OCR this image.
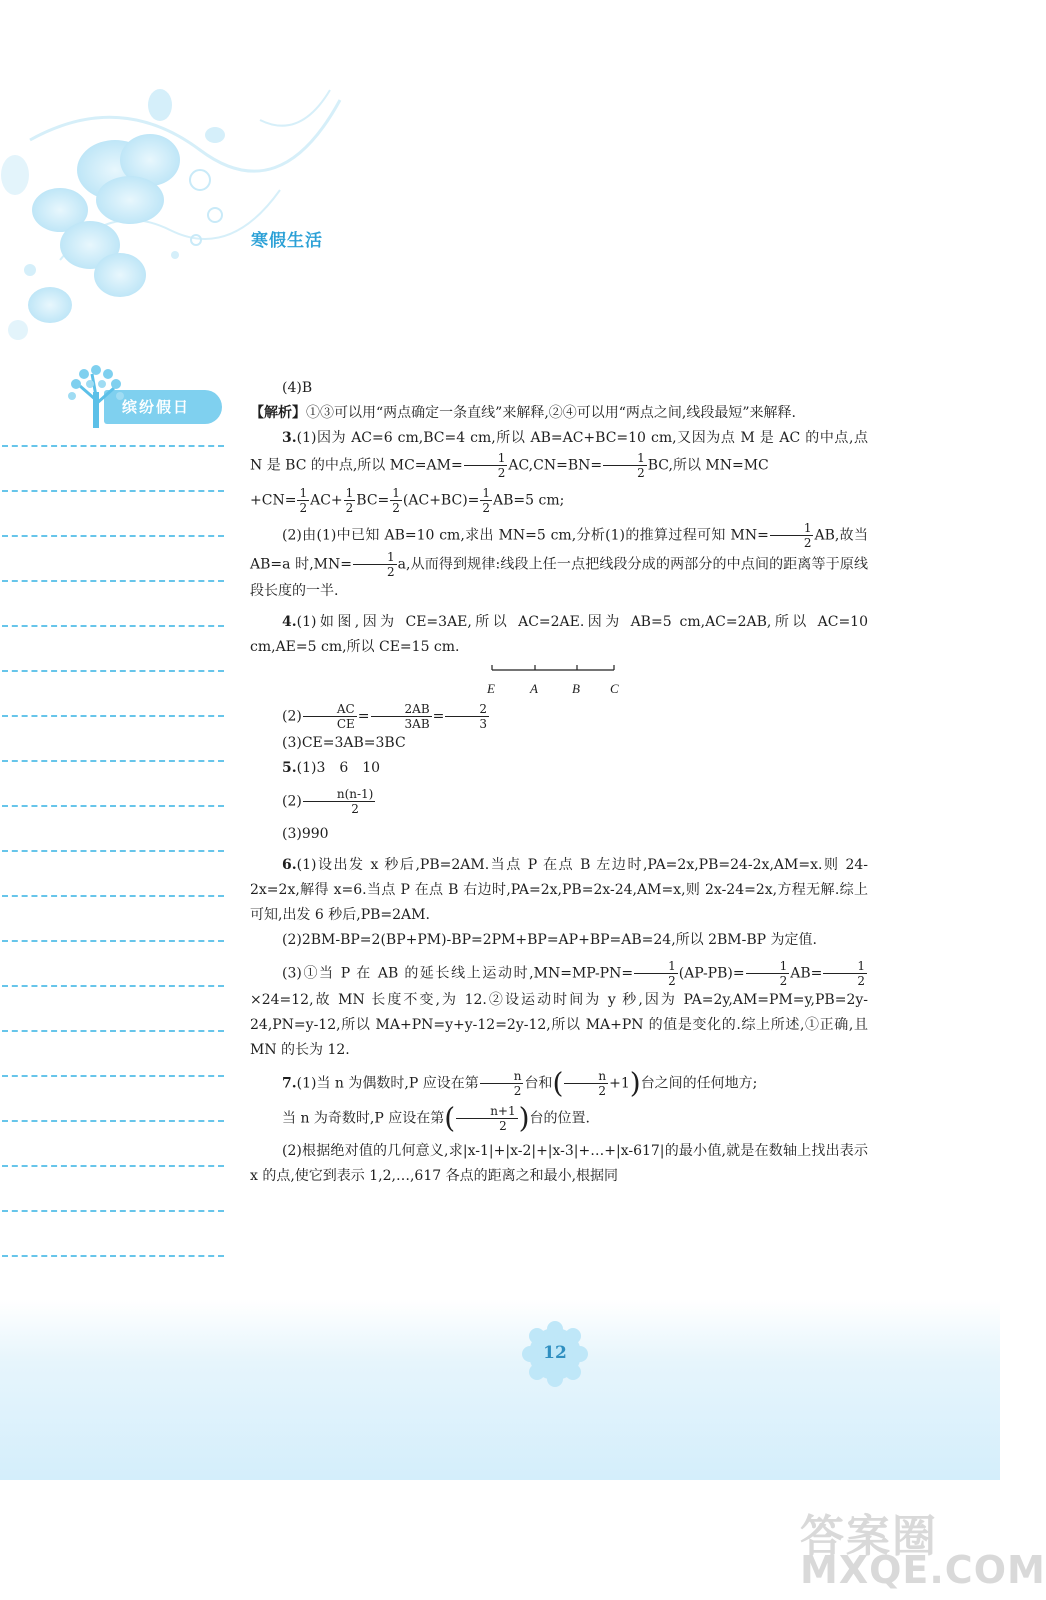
寒假生活
缤纷假日

(4)B

【解析】①③可以用“两点确定一条直线”来解释,②④可以用“两点之间,线段最短”来解释.

3.(1)因为 AC=6 cm,BC=4 cm,所以 AB=AC+BC=10 cm,又因为点 M 是 AC 的中点,点 N 是 BC 的中点,所以 $MC=AM= \frac{1}{2} AC,CN=BN= \frac{1}{2}$ BC,所以 MN=MC

$+CN= \frac{1}{2} AC+ \frac{1}{2} BC= \frac{1}{2} (AC+BC)= \frac{1}{2} AB=5$ cm;

(2)由(1)中已知 AB=10 cm,求出 MN=5 cm,分析(1)的推算过程可知 $MN= \frac{1}{2}$ AB,故当 AB=a 时$,MN= \frac{1}{2} a$,从而得到规律:线段上任一点把线段分成的两部分的中点间的距离等于原线段长度的一半.

4.(1)如图,因为 CE=3AE,所以 AC=2AE.因为 AB=5 cm,AC=2AB,所以 AC=10 cm,AE=5 cm,所以 CE=15 cm.

E	A	B C

$(2) \frac{AC}{CE} = \frac{2AB}{3AB} = \frac{2}{3}$

(3)CE=3AB=3BC

5.(1)3　6　10

$(2) \frac{n(n-1)}{2}$

(3)990

6.(1)设出发 x 秒后,PB=2AM.当点 P 在点 B 左边时,PA=2x,PB=24-2x,AM=x.则 24-2x=2x,解得 x=6.当点 P 在点 B 右边时,PA=2x,PB=2x-24,AM=x,则 2x-24=2x,方程无解.综上可知,出发 6 秒后,PB=2AM.

(2)2BM-BP=2(BP+PM)-BP=2PM+BP=AP+BP=AB=24,所以 2BM-BP 为定值.

(3)①当 P 在 AB 的延长线上运动时$,MN=MP-PN= \frac{1}{2} (AP-PB)= \frac{1}{2} AB= \frac{1}{2}$
×24=12,故 MN 长度不变,为 12.②设运动时间为 y 秒,因为 PA=2y,AM=PM=y,PB=2y-24,PN=y-12,所以 MA+PN=y+y-12=2y-12,所以 MA+PN 的值是变化的.综上所述,①正确,且 MN 的长为 12.

7.(1)当 n 为偶数时,P 应设在第 $\frac{n}{2}$ 台和( $\frac{n}{2} +1$)台之间的任何地方;

当 n 为奇数时,P 应设在第( $\frac{n+1}{2}$ )台的位置.

(2)根据绝对值的几何意义,求|x-1|+|x-2|+|x-3|+…+|x-617|的最小值,就是在数轴上找出表示 x 的点,使它到表示 1,2,…,617 各点的距离之和最小,根据同

12
答案圈
MXQE.COM
